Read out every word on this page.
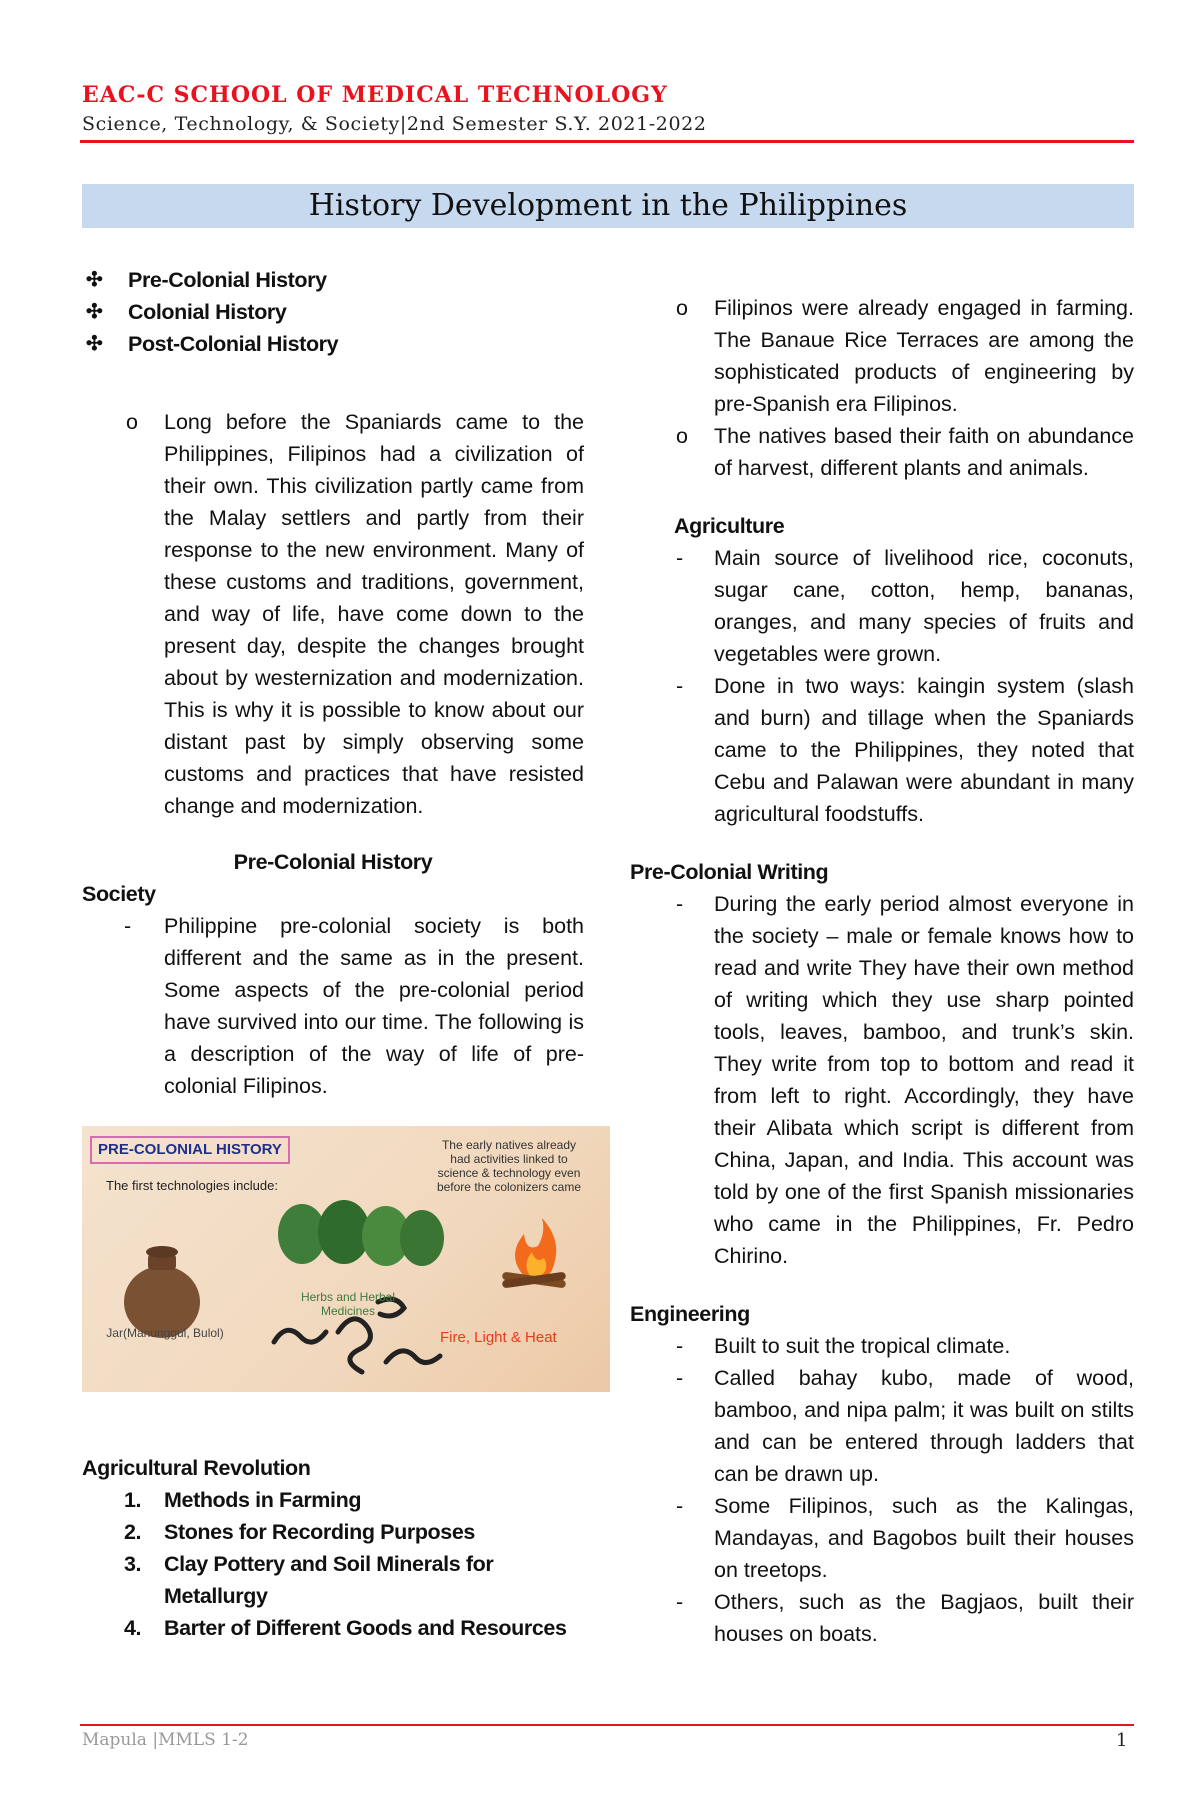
EAC-C SCHOOL OF MEDICAL TECHNOLOGY
Science, Technology, & Society|2nd Semester S.Y. 2021-2022
History Development in the Philippines
✣ Pre-Colonial History
✣ Colonial History
✣ Post-Colonial History
o Long before the Spaniards came to the Philippines, Filipinos had a civilization of their own. This civilization partly came from the Malay settlers and partly from their response to the new environment. Many of these customs and traditions, government, and way of life, have come down to the present day, despite the changes brought about by westernization and modernization. This is why it is possible to know about our distant past by simply observing some customs and practices that have resisted change and modernization.
Pre-Colonial History
Society
- Philippine pre-colonial society is both different and the same as in the present. Some aspects of the pre-colonial period have survived into our time. The following is a description of the way of life of pre-colonial Filipinos.
PRE-COLONIAL HISTORY
The first technologies include:
The early natives already had activities linked to science & technology even before the colonizers came
Herbs and Herbal Medicines
Jar(Manunggul, Bulol)	Fire, Light & Heat
Agricultural Revolution
1. Methods in Farming
2. Stones for Recording Purposes
3. Clay Pottery and Soil Minerals for Metallurgy
4. Barter of Different Goods and Resources
o Filipinos were already engaged in farming. The Banaue Rice Terraces are among the sophisticated products of engineering by pre-Spanish era Filipinos.
o The natives based their faith on abundance of harvest, different plants and animals.
Agriculture
- Main source of livelihood rice, coconuts, sugar cane, cotton, hemp, bananas, oranges, and many species of fruits and vegetables were grown.
- Done in two ways: kaingin system (slash and burn) and tillage when the Spaniards came to the Philippines, they noted that Cebu and Palawan were abundant in many agricultural foodstuffs.
Pre-Colonial Writing
- During the early period almost everyone in the society – male or female knows how to read and write They have their own method of writing which they use sharp pointed tools, leaves, bamboo, and trunk’s skin. They write from top to bottom and read it from left to right. Accordingly, they have their Alibata which script is different from China, Japan, and India. This account was told by one of the first Spanish missionaries who came in the Philippines, Fr. Pedro Chirino.
Engineering
- Built to suit the tropical climate.
- Called bahay kubo, made of wood, bamboo, and nipa palm; it was built on stilts and can be entered through ladders that can be drawn up.
- Some Filipinos, such as the Kalingas, Mandayas, and Bagobos built their houses on treetops.
- Others, such as the Bagjaos, built their houses on boats.
Mapula |MMLS 1-2	1
